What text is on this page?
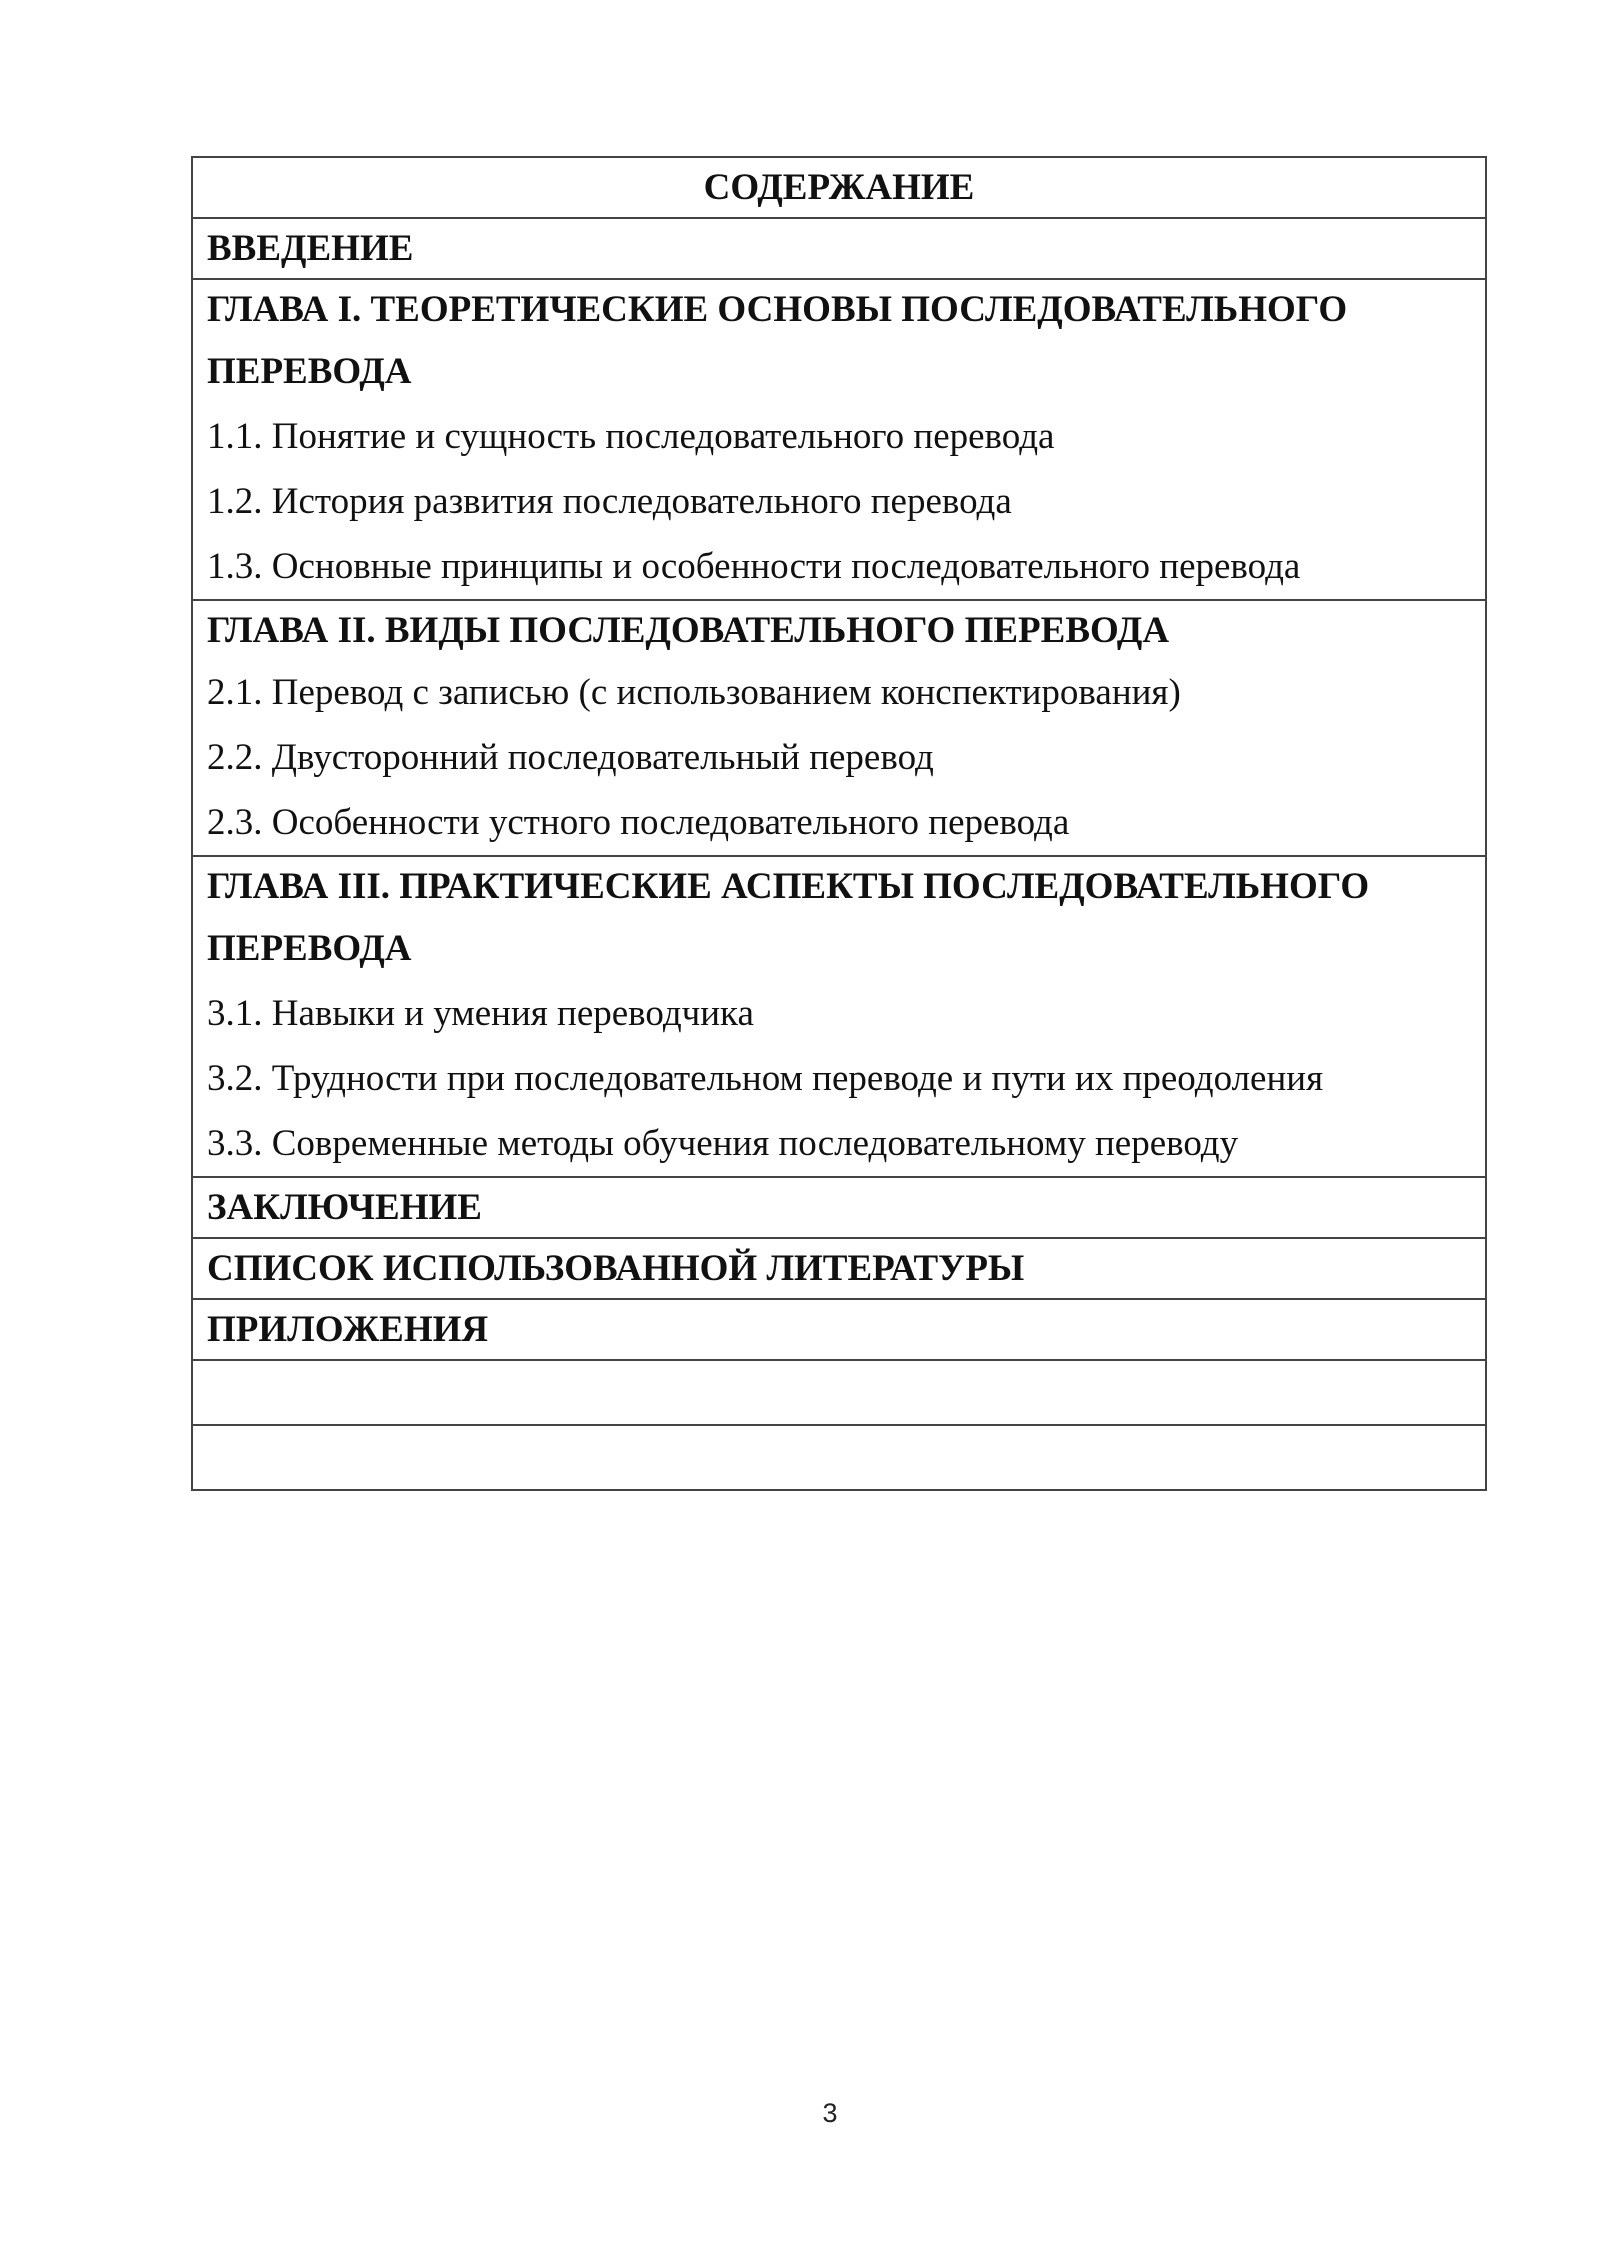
СОДЕРЖАНИЕ
ВВЕДЕНИЕ

ГЛАВА I. ТЕОРЕТИЧЕСКИЕ ОСНОВЫ ПОСЛЕДОВАТЕЛЬНОГО
ПЕРЕВОДА
1.1. Понятие и сущность последовательного перевода
1.2. История развития последовательного перевода
1.3. Основные принципы и особенности последовательного перевода

ГЛАВА II. ВИДЫ ПОСЛЕДОВАТЕЛЬНОГО ПЕРЕВОДА
2.1. Перевод с записью (с использованием конспектирования)
2.2. Двусторонний последовательный перевод
2.3. Особенности устного последовательного перевода

ГЛАВА III. ПРАКТИЧЕСКИЕ АСПЕКТЫ ПОСЛЕДОВАТЕЛЬНОГО
ПЕРЕВОДА
3.1. Навыки и умения переводчика
3.2. Трудности при последовательном переводе и пути их преодоления
3.3. Современные методы обучения последовательному переводу

ЗАКЛЮЧЕНИЕ
СПИСОК ИСПОЛЬЗОВАННОЙ ЛИТЕРАТУРЫ
ПРИЛОЖЕНИЯ

3
